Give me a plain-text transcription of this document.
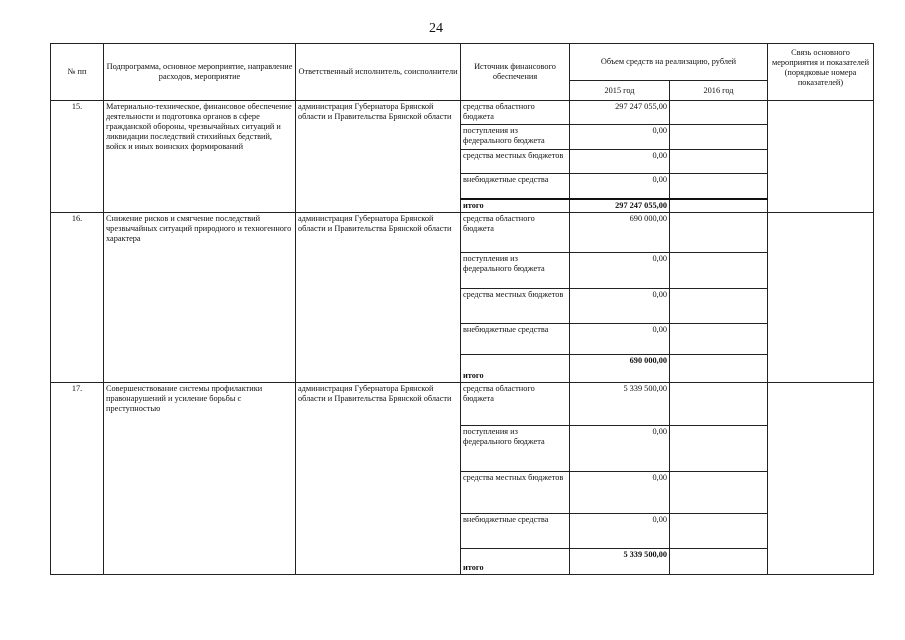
24
№ пп	Подпрограмма, основное мероприятие, направление расходов, мероприятие	Ответственный исполнитель, соисполнители	Источник финансового обеспечения	Объем средств на реализацию, рублей		Связь основного мероприятия и показателей (порядковые номера показателей)
				2015 год	2016 год	
15.	Материально-техническое, финансовое обеспечение деятельности и подготовка органов в сфере гражданской обороны, чрезвычайных ситуаций и ликвидации последствий стихийных бедствий, войск и иных воинских формирований	администрация Губернатора Брянской области и Правительства Брянской области	средства областного бюджета	297 247 055,00		
			поступления из федерального бюджета	0,00		
			средства местных бюджетов	0,00		
			внебюджетные средства	0,00		
			итого	297 247 055,00		
16.	Снижение рисков и смягчение последствий чрезвычайных ситуаций природного и техногенного характера	администрация Губернатора Брянской области и Правительства Брянской области	средства областного бюджета	690 000,00		
			поступления из федерального бюджета	0,00		
			средства местных бюджетов	0,00		
			внебюджетные средства	0,00		
			итого	690 000,00		
17.	Совершенствование системы профилактики правонарушений и усиление борьбы с преступностью	администрация Губернатора Брянской области и Правительства Брянской области	средства областного бюджета	5 339 500,00		
			поступления из федерального бюджета	0,00		
			средства местных бюджетов	0,00		
			внебюджетные средства	0,00		
			итого	5 339 500,00		
